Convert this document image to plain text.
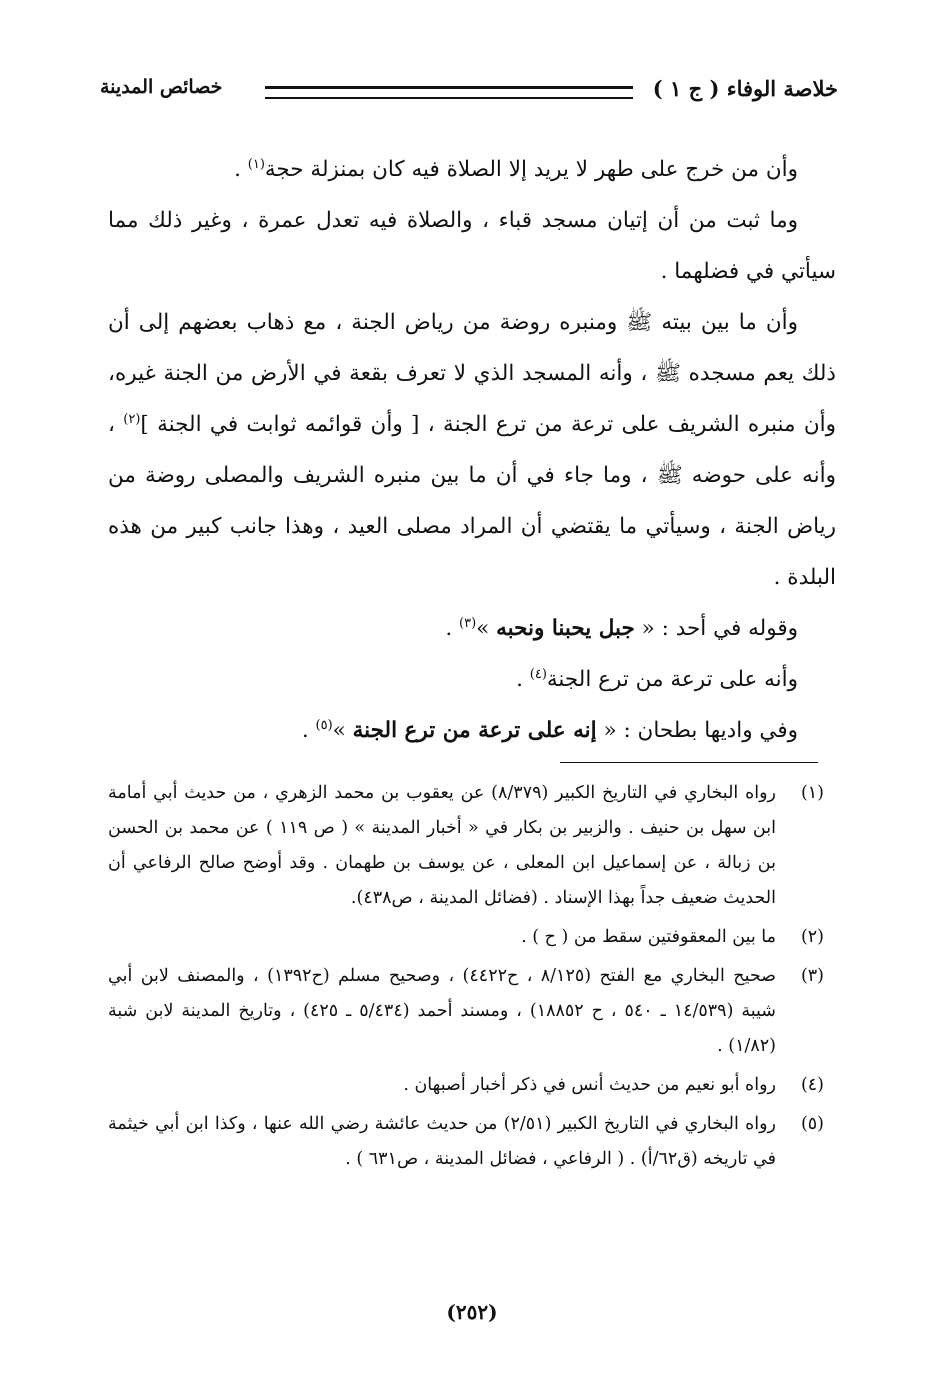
خلاصة الوفاء ( ج ١ )
خصائص المدينة

وأن من خرج على طهر لا يريد إلا الصلاة فيه كان بمنزلة حجة$^{(١)}$ .

وما ثبت من أن إتيان مسجد قباء ، والصلاة فيه تعدل عمرة ، وغير ذلك مما سيأتي في فضلهما .

وأن ما بين بيته ﷺ ومنبره روضة من رياض الجنة ، مع ذهاب بعضهم إلى أن ذلك يعم مسجده ﷺ ، وأنه المسجد الذي لا تعرف بقعة في الأرض من الجنة غيره، وأن منبره الشريف على ترعة من ترع الجنة ، [ وأن قوائمه ثوابت في الجنة ]$^{(٢)}$ ، وأنه على حوضه ﷺ ، وما جاء في أن ما بين منبره الشريف والمصلى روضة من رياض الجنة ، وسيأتي ما يقتضي أن المراد مصلى العيد ، وهذا جانب كبير من هذه البلدة .

وقوله في أحد : « جبل يحبنا ونحبه »$^{(٣)}$ .

وأنه على ترعة من ترع الجنة$^{(٤)}$ .

وفي واديها بطحان : « إنه على ترعة من ترع الجنة »$^{(٥)}$ .

(١)
رواه البخاري في التاريخ الكبير (٨/٣٧٩) عن يعقوب بن محمد الزهري ، من حديث أبي أمامة ابن سهل بن حنيف . والزبير بن بكار في « أخبار المدينة » ( ص ١١٩ ) عن محمد بن الحسن بن زبالة ، عن إسماعيل ابن المعلى ، عن يوسف بن طهمان . وقد أوضح صالح الرفاعي أن الحديث ضعيف جداً بهذا الإسناد . (فضائل المدينة ، ص٤٣٨).
(٢)
ما بين المعقوفتين سقط من ( ح ) .
(٣)
صحيح البخاري مع الفتح (٨/١٢٥ ، ح٤٤٢٢) ، وصحيح مسلم (ح١٣٩٢) ، والمصنف لابن أبي شيبة (١٤/٥٣٩ ـ ٥٤٠ ، ح ١٨٨٥٢) ، ومسند أحمد (٥/٤٣٤ ـ ٤٢٥) ، وتاريخ المدينة لابن شبة (١/٨٢) .
(٤)
رواه أبو نعيم من حديث أنس في ذكر أخبار أصبهان .
(٥)
رواه البخاري في التاريخ الكبير (٢/٥١) من حديث عائشة رضي الله عنها ، وكذا ابن أبي خيثمة في تاريخه (ق٦٢/أ) . ( الرفاعي ، فضائل المدينة ، ص٦٣١ ) .
(٢٥٢)
